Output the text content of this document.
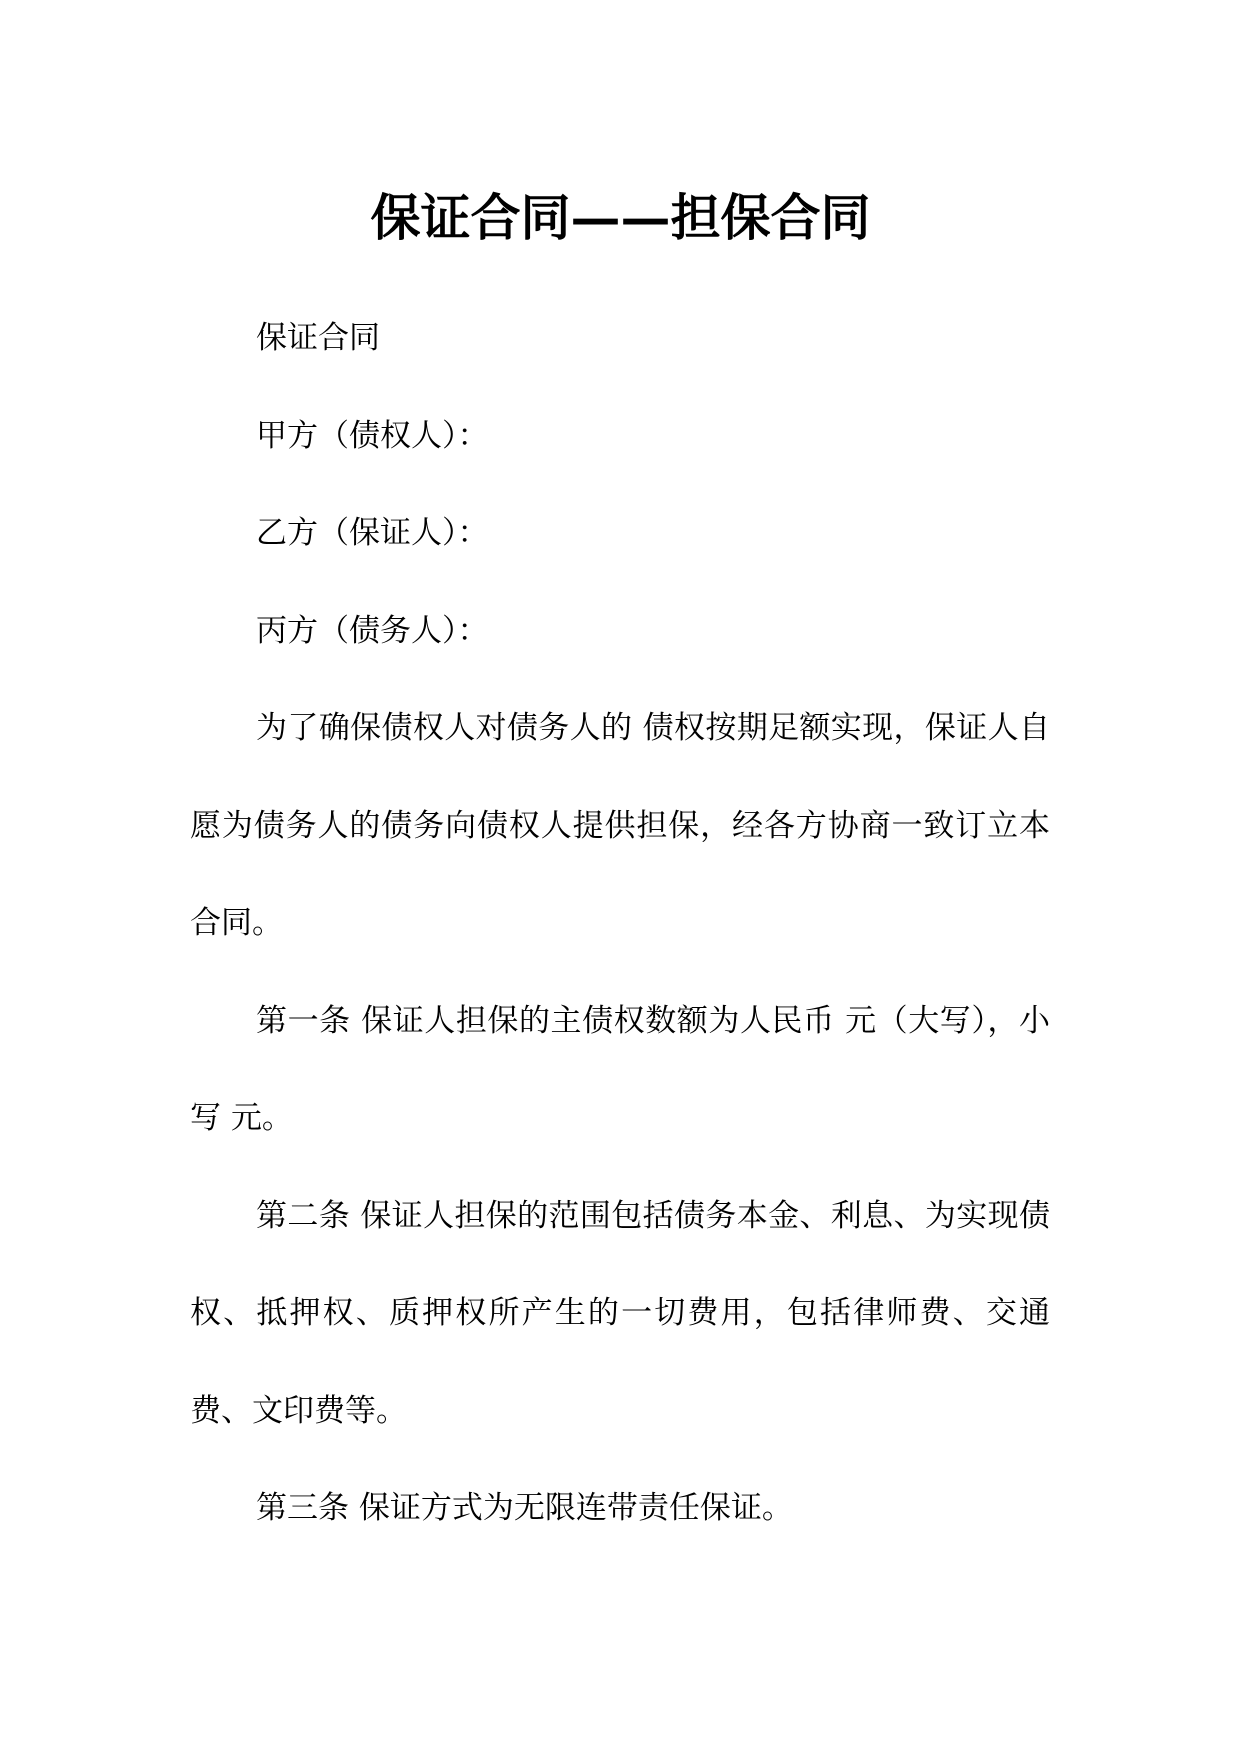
保证合同——担保合同

保证合同

甲方（债权人）：

乙方（保证人）：

丙方（债务人）：

为了确保债权人对债务人的 债权按期足额实现，保证人自愿为债务人的债务向债权人提供担保，经各方协商一致订立本合同。

第一条 保证人担保的主债权数额为人民币 元（大写），小写 元。

第二条 保证人担保的范围包括债务本金、利息、为实现债权、抵押权、质押权所产生的一切费用，包括律师费、交通费、文印费等。

第三条 保证方式为无限连带责任保证。
